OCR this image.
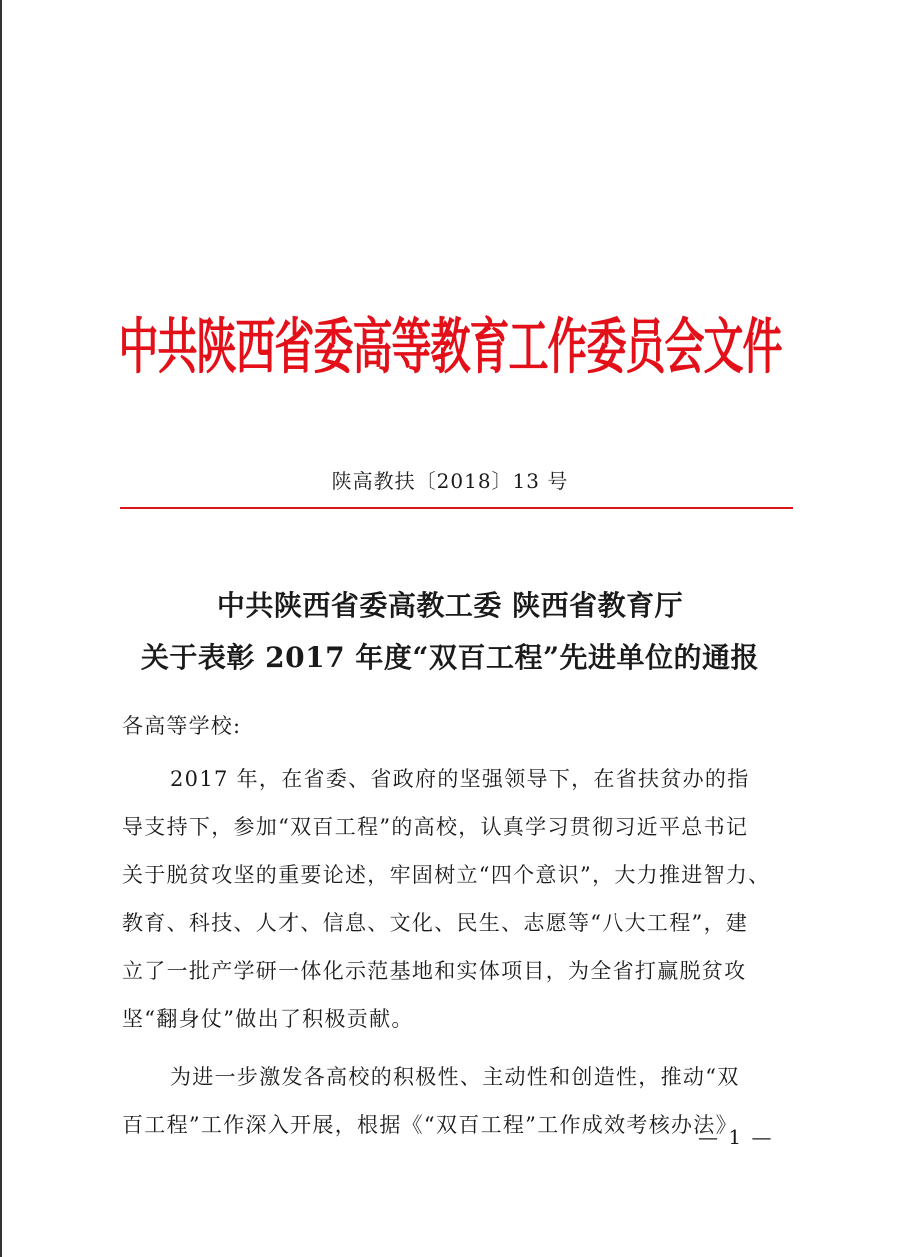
中共陕西省委高等教育工作委员会文件
陕高教扶〔2018〕13 号
中共陕西省委高教工委 陕西省教育厅
关于表彰 2017 年度“双百工程”先进单位的通报
各高等学校:
2017 年，在省委、省政府的坚强领导下，在省扶贫办的指
导支持下，参加“双百工程”的高校，认真学习贯彻习近平总书记
关于脱贫攻坚的重要论述，牢固树立“四个意识”，大力推进智力、
教育、科技、人才、信息、文化、民生、志愿等“八大工程”，建
立了一批产学研一体化示范基地和实体项目，为全省打赢脱贫攻
坚“翻身仗”做出了积极贡献。
为进一步激发各高校的积极性、主动性和创造性，推动“双
— 1 —
百工程”工作深入开展，根据《“双百工程”工作成效考核办法》
